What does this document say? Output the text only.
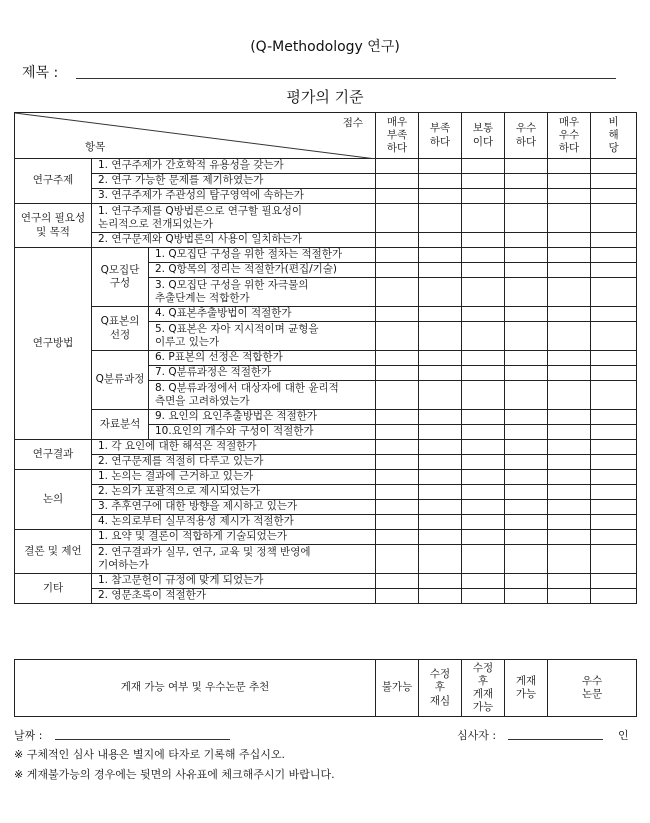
(Q-Methodology 연구)
제목 :
평가의 기준
점수
항목			매우
부족
하다	부족
하다	보통
이다	우수
하다	매우
우수
하다	비
해
당
연구주제	1. 연구주제가 간호학적 유용성을 갖는가							
	2. 연구 가능한 문제를 제기하였는가							
	3. 연구주제가 주관성의 탐구영역에 속하는가							
연구의 필요성
및 목적	1. 연구주제를 Q방법론으로 연구할 필요성이
논리적으로 전개되었는가							
	2. 연구문제와 Q방법론의 사용이 일치하는가							
연구방법	Q모집단
구성	1. Q모집단 구성을 위한 절차는 적절한가						
		2. Q항목의 정리는 적절한가(편집/기술)						
		3. Q모집단 구성을 위한 자극물의
추출단계는 적합한가						
	Q표본의
선정	4. Q표본추출방법이 적절한가						
		5. Q표본은 자아 지시적이며 균형을
이루고 있는가						
	Q분류과정	6. P표본의 선정은 적합한가						
		7. Q분류과정은 적절한가						
		8. Q분류과정에서 대상자에 대한 윤리적
측면을 고려하였는가						
	자료분석	9. 요인의 요인추출방법은 적절한가						
		10.요인의 개수와 구성이 적절한가						
연구결과	1. 각 요인에 대한 해석은 적절한가							
	2. 연구문제를 적절히 다루고 있는가							
논의	1. 논의는 결과에 근거하고 있는가							
	2. 논의가 포괄적으로 제시되었는가							
	3. 추후연구에 대한 방향을 제시하고 있는가							
	4. 논의로부터 실무적용성 제시가 적절한가							
결론 및 제언	1. 요약 및 결론이 적합하게 기술되었는가							
	2. 연구결과가 실무, 연구, 교육 및 정책 반영에
기여하는가							
기타	1. 참고문헌이 규정에 맞게 되었는가							
	2. 영문초록이 적절한가							
게재 가능 여부 및 우수논문 추천	불가능	수정
후
재심	수정
후
게재
가능	게재
가능	우수
논문
날짜 :	심사자 :	인
※ 구체적인 심사 내용은 별지에 타자로 기록해 주십시오.
※ 게재불가능의 경우에는 뒷면의 사유표에 체크해주시기 바랍니다.
